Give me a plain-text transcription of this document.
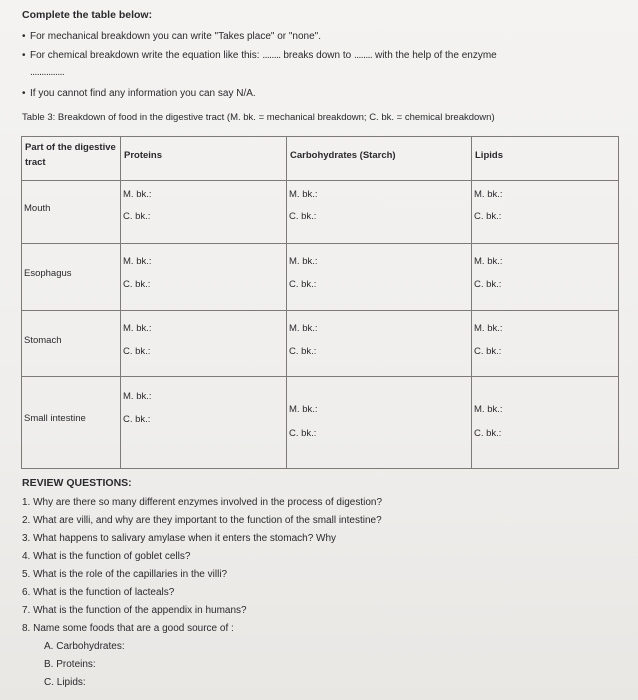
Complete the table below:
• For mechanical breakdown you can write "Takes place" or "none".
• For chemical breakdown write the equation like this: ........ breaks down to ........ with the help of the enzyme
...............
• If you cannot find any information you can say N/A.
Table 3: Breakdown of food in the digestive tract (M. bk. = mechanical breakdown; C. bk. = chemical breakdown)
Part of the digestive tract	Proteins	Carbohydrates (Starch)	Lipids

Mouth	M. bk.:
C. bk.:	M. bk.:
C. bk.:	M. bk.:
C. bk.:

Esophagus	M. bk.:
C. bk.:	M. bk.:
C. bk.:	M. bk.:
C. bk.:

Stomach	M. bk.:
C. bk.:	M. bk.:
C. bk.:	M. bk.:
C. bk.:

Small intestine	M. bk.:
C. bk.:	M. bk.:
C. bk.:	M. bk.:
C. bk.:
REVIEW QUESTIONS:
1. Why are there so many different enzymes involved in the process of digestion?
2. What are villi, and why are they important to the function of the small intestine?
3. What happens to salivary amylase when it enters the stomach? Why
4. What is the function of goblet cells?
5. What is the role of the capillaries in the villi?
6. What is the function of lacteals?
7. What is the function of the appendix in humans?
8. Name some foods that are a good source of :
A. Carbohydrates:
B. Proteins:
C. Lipids:
